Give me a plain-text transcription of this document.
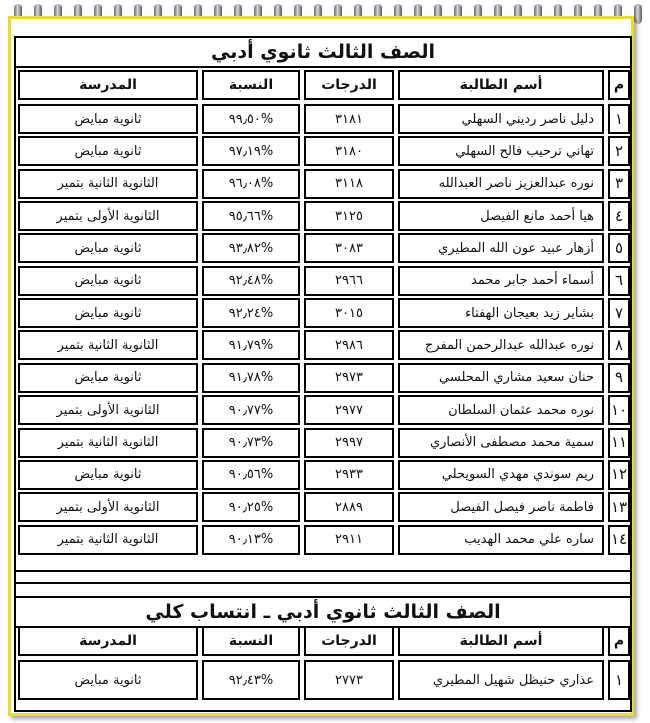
الصف الثالث ثانوي أدبي
المدرسة	النسبة	الدرجات	أسم الطالبة	م
ثانوية مبايض	%٩٩٫٥٠	٣١٨١	دليل ناصر رديني السهلي	١
ثانوية مبايض	%٩٧٫١٩	٣١٨٠	تهاني ترحيب فالح السهلي	٢
الثانوية الثانية بتمير	%٩٦٫٠٨	٣١١٨	نوره عبدالعزيز ناصر العبدالله	٣
الثانوية الأولى بتمير	%٩٥٫٦٦	٣١٢٥	هيا أحمد مانع الفيصل	٤
ثانوية مبايض	%٩٣٫٨٢	٣٠٨٣	أزهار عبيد عون الله المطيري	٥
ثانوية مبايض	%٩٢٫٤٨	٢٩٦٦	أسماء أحمد جابر محمد	٦
ثانوية مبايض	%٩٢٫٢٤	٣٠١٥	بشاير زيد بعيجان الهفتاء	٧
الثانوية الثانية بتمير	%٩١٫٧٩	٢٩٨٦	نوره عبدالله عبدالرحمن المفرج	٨
ثانوية مبايض	%٩١٫٧٨	٢٩٧٣	حنان سعيد مشاري المحلسي	٩
الثانوية الأولى بتمير	%٩٠٫٧٧	٢٩٧٧	نوره محمد عثمان السلطان	١٠
الثانوية الثانية بتمير	%٩٠٫٧٣	٢٩٩٧	سمية محمد مصطفى الأنصاري	١١
ثانوية مبايض	%٩٠٫٥٦	٢٩٣٣	ريم سوندي مهدي السويحلي	١٢
الثانوية الأولى بتمير	%٩٠٫٢٥	٢٨٨٩	فاطمة ناصر فيصل الفيصل	١٣
الثانوية الثانية بتمير	%٩٠٫١٣	٢٩١١	ساره علي محمد الهديب	١٤
الصف الثالث ثانوي أدبي ـ انتساب كلي
المدرسة	النسبة	الدرجات	أسم الطالبة	م
ثانوية مبايض	%٩٢٫٤٣	٢٧٧٣	عذاري حنيظل شهيل المطيري	١
